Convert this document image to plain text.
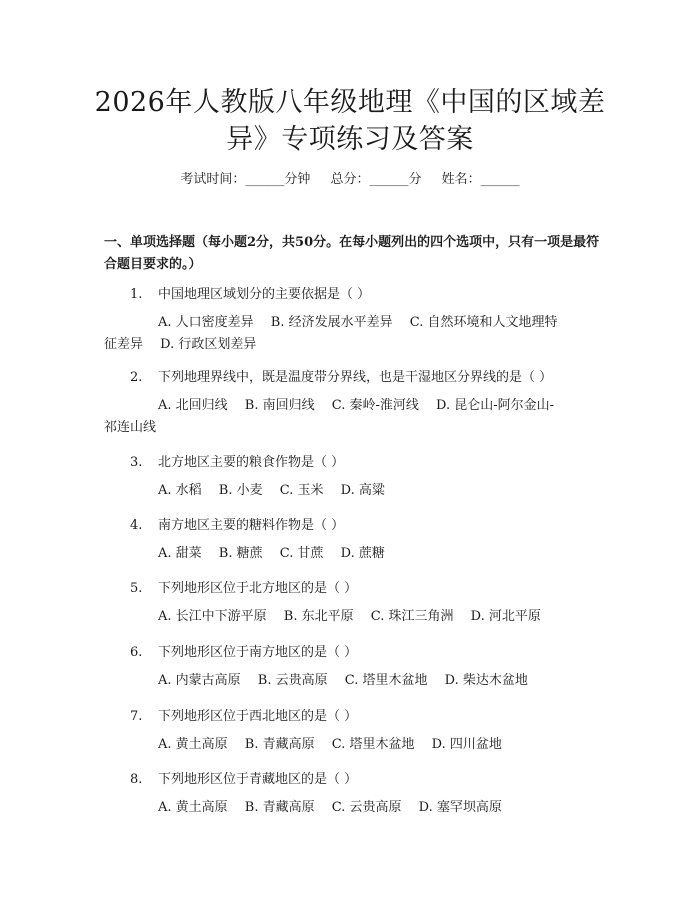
2026年人教版八年级地理《中国的区域差
异》专项练习及答案
考试时间：______分钟 总分：______分 姓名：______
一、单项选择题（每小题2分，共50分。在每小题列出的四个选项中，只有一项是最符合题目要求的。）
1. 中国地理区域划分的主要依据是（ ）
A. 人口密度差异　 B. 经济发展水平差异　 C. 自然环境和人文地理特
征差异　 D. 行政区划差异
2. 下列地理界线中，既是温度带分界线，也是干湿地区分界线的是（ ）
A. 北回归线　 B. 南回归线　 C. 秦岭-淮河线　 D. 昆仑山-阿尔金山-
祁连山线
3. 北方地区主要的粮食作物是（ ）
A. 水稻　 B. 小麦　 C. 玉米　 D. 高粱
4. 南方地区主要的糖料作物是（ ）
A. 甜菜　 B. 糖蔗　 C. 甘蔗　 D. 蔗糖
5. 下列地形区位于北方地区的是（ ）
A. 长江中下游平原　 B. 东北平原　 C. 珠江三角洲　 D. 河北平原
6. 下列地形区位于南方地区的是（ ）
A. 内蒙古高原　 B. 云贵高原　 C. 塔里木盆地　 D. 柴达木盆地
7. 下列地形区位于西北地区的是（ ）
A. 黄土高原　 B. 青藏高原　 C. 塔里木盆地　 D. 四川盆地
8. 下列地形区位于青藏地区的是（ ）
A. 黄土高原　 B. 青藏高原　 C. 云贵高原　 D. 塞罕坝高原
